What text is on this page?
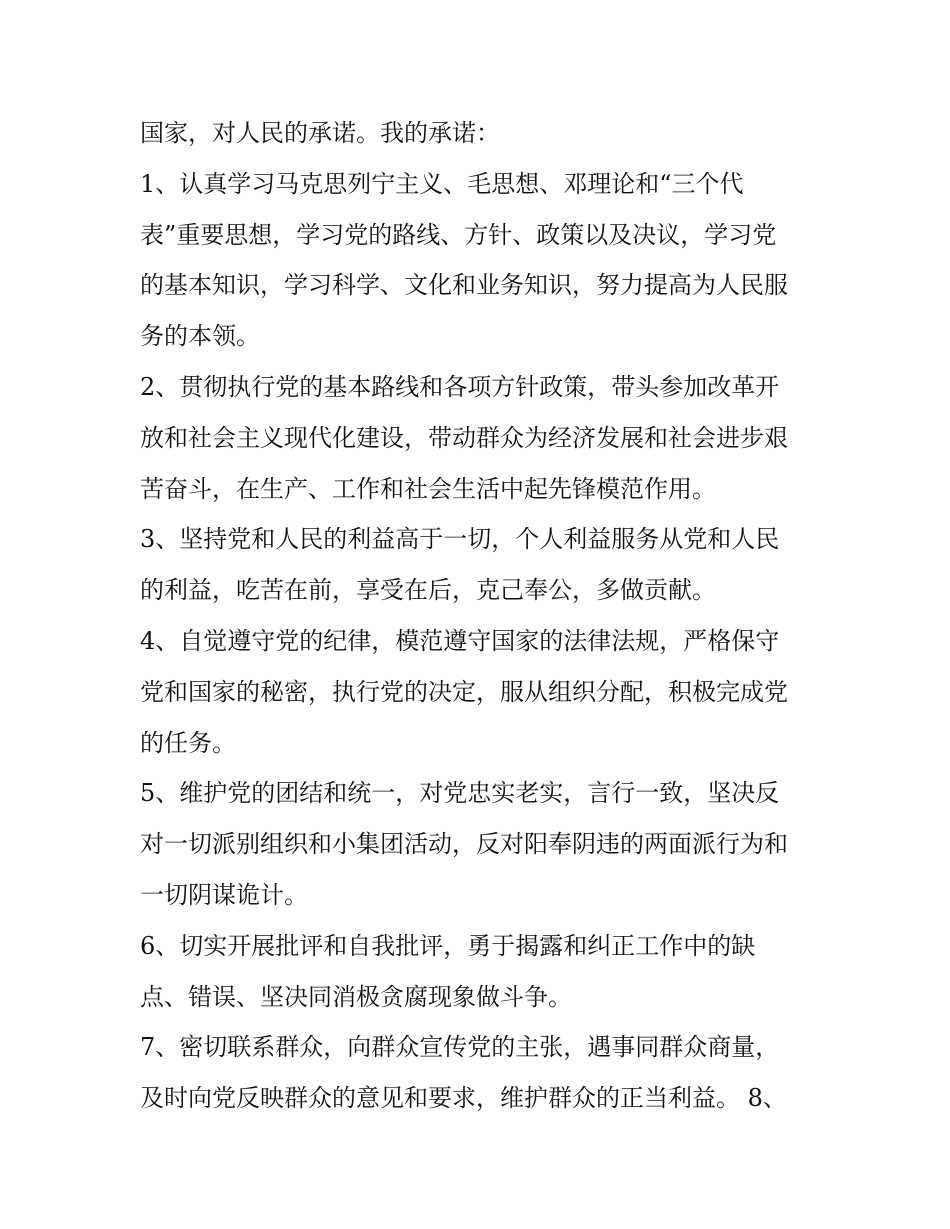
国家，对人民的承诺。我的承诺：
1、认真学习马克思列宁主义、毛思想、邓理论和“三个代
表”重要思想，学习党的路线、方针、政策以及决议，学习党
的基本知识，学习科学、文化和业务知识，努力提高为人民服
务的本领。
2、贯彻执行党的基本路线和各项方针政策，带头参加改革开
放和社会主义现代化建设，带动群众为经济发展和社会进步艰
苦奋斗，在生产、工作和社会生活中起先锋模范作用。
3、坚持党和人民的利益高于一切，个人利益服务从党和人民
的利益，吃苦在前，享受在后，克己奉公，多做贡献。
4、自觉遵守党的纪律，模范遵守国家的法律法规，严格保守
党和国家的秘密，执行党的决定，服从组织分配，积极完成党
的任务。
5、维护党的团结和统一，对党忠实老实，言行一致，坚决反
对一切派别组织和小集团活动，反对阳奉阴违的两面派行为和
一切阴谋诡计。
6、切实开展批评和自我批评，勇于揭露和纠正工作中的缺
点、错误、坚决同消极贪腐现象做斗争。
7、密切联系群众，向群众宣传党的主张，遇事同群众商量，
及时向党反映群众的意见和要求，维护群众的正当利益。 8、
